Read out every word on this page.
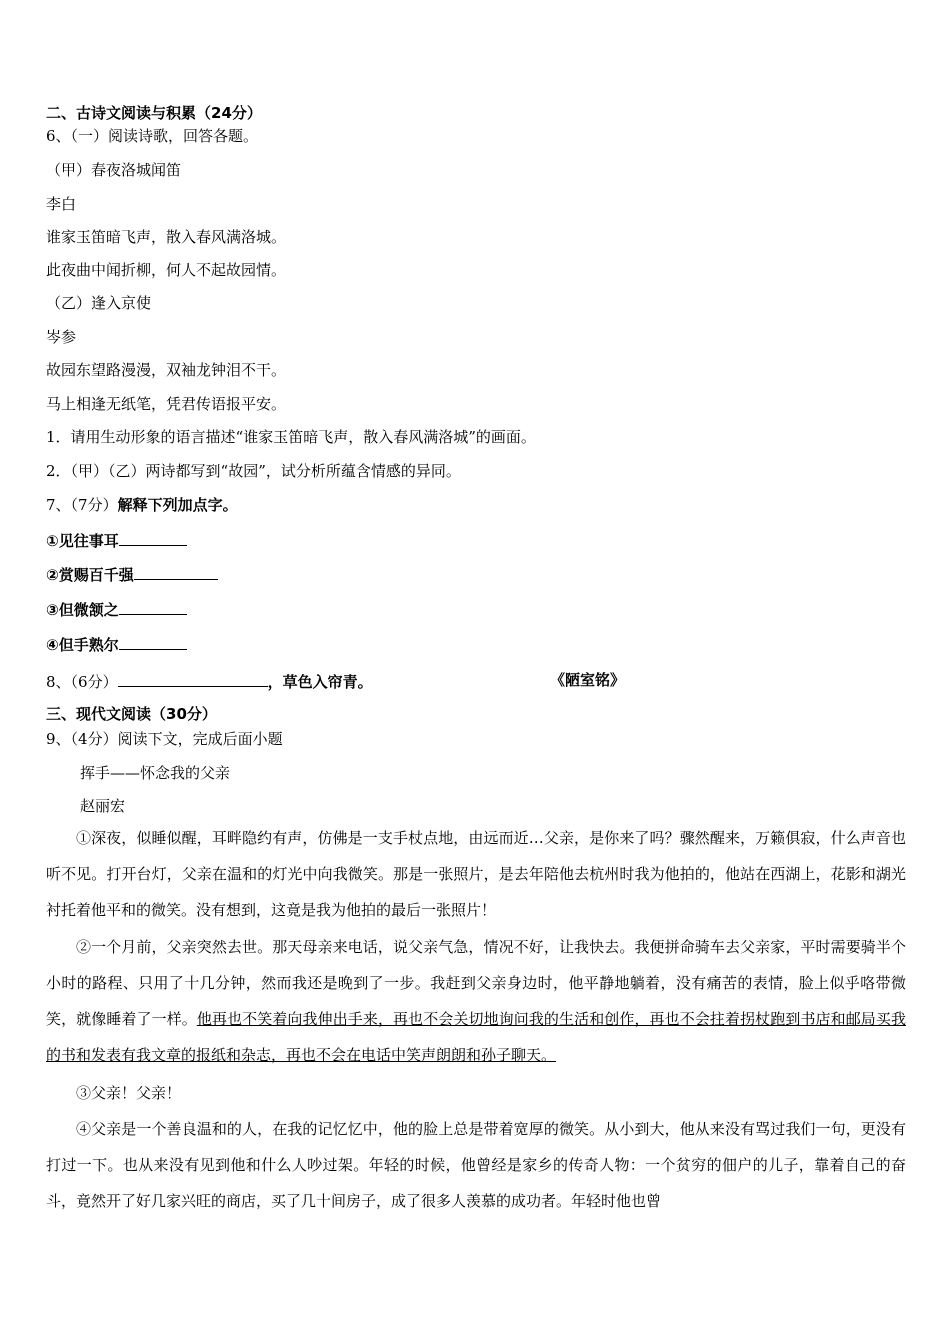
二、古诗文阅读与积累（24分）
6、（一）阅读诗歌，回答各题。
（甲）春夜洛城闻笛
李白
谁家玉笛暗飞声，散入春风满洛城。
此夜曲中闻折柳，何人不起故园情。
（乙）逢入京使
岑参
故园东望路漫漫，双袖龙钟泪不干。
马上相逢无纸笔，凭君传语报平安。
1．请用生动形象的语言描述“谁家玉笛暗飞声，散入春风满洛城”的画面。
2．（甲）（乙）两诗都写到“故园”，试分析所蕴含情感的异同。
7、（7分）解释下列加点字。
①见往事耳
②赏赐百千强
③但微颔之
④但手熟尔
8、（6分）	，草色入帘青。	《陋室铭》
三、现代文阅读（30分）
9、（4分）阅读下文，完成后面小题
挥手——怀念我的父亲
赵丽宏
①深夜，似睡似醒，耳畔隐约有声，仿佛是一支手杖点地，由远而近…父亲，是你来了吗？骤然醒来，万籁俱寂，什么声音也听不见。打开台灯，父亲在温和的灯光中向我微笑。那是一张照片，是去年陪他去杭州时我为他拍的，他站在西湖上，花影和湖光衬托着他平和的微笑。没有想到，这竟是我为他拍的最后一张照片！
②一个月前，父亲突然去世。那天母亲来电话，说父亲气急，情况不好，让我快去。我便拼命骑车去父亲家，平时需要骑半个小时的路程、只用了十几分钟，然而我还是晚到了一步。我赶到父亲身边时，他平静地躺着，没有痛苦的表情，脸上似乎咯带微笑，就像睡着了一样。他再也不笑着向我伸出手来，再也不会关切地询问我的生活和创作，再也不会拄着拐杖跑到书店和邮局买我的书和发表有我文章的报纸和杂志，再也不会在电话中笑声朗朗和孙子聊天。
③父亲！父亲！
④父亲是一个善良温和的人，在我的记忆忆中，他的脸上总是带着宽厚的微笑。从小到大，他从来没有骂过我们一句，更没有打过一下。也从来没有见到他和什么人吵过架。年轻的时候，他曾经是家乡的传奇人物：一个贫穷的佃户的儿子，靠着自己的奋斗，竟然开了好几家兴旺的商店，买了几十间房子，成了很多人羡慕的成功者。年轻时他也曾
